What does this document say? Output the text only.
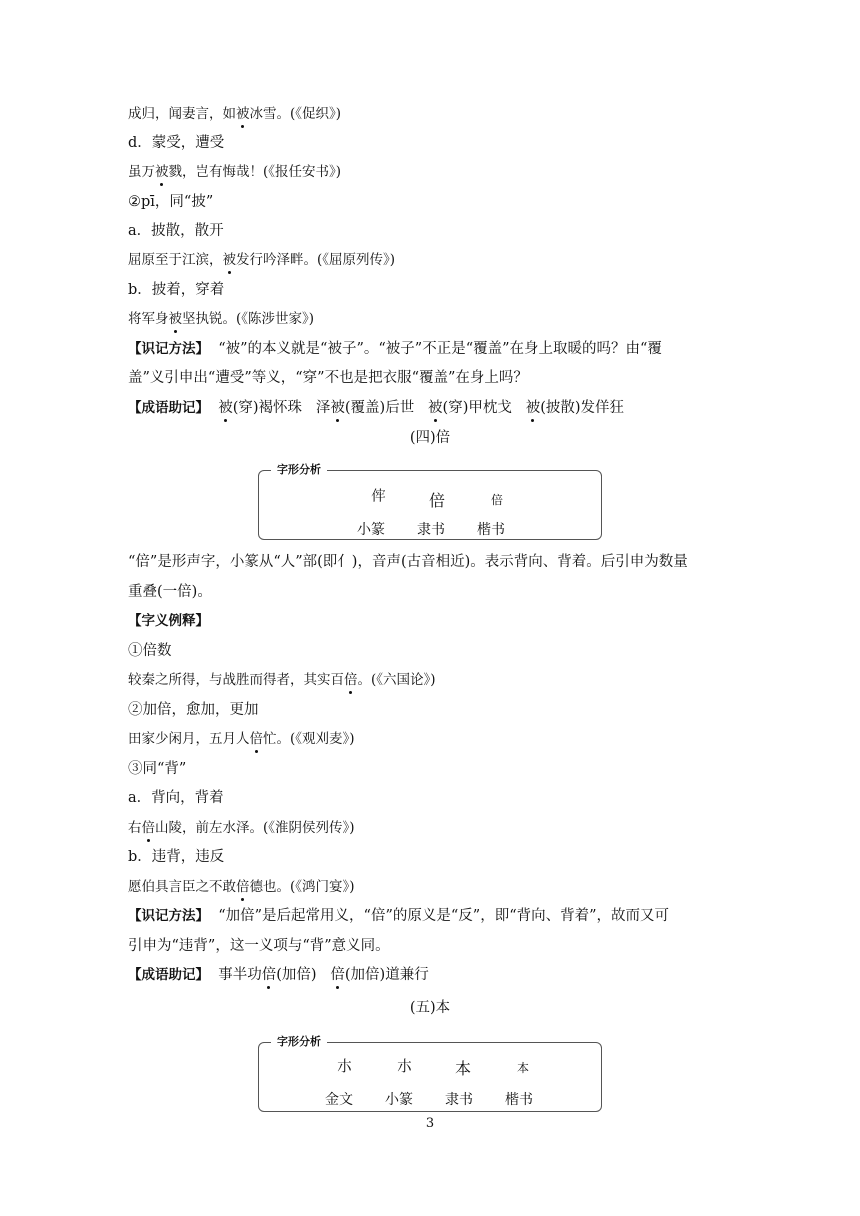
成归，闻妻言，如被冰雪。(《促织》)
d．蒙受，遭受
虽万被戮，岂有悔哉！(《报任安书》)
②pī，同“披”
a．披散，散开
屈原至于江滨，被发行吟泽畔。(《屈原列传》)
b．披着，穿着
将军身被坚执锐。(《陈涉世家》)
【识记方法】 “被”的本义就是“被子”。“被子”不正是“覆盖”在身上取暖的吗？由“覆
盖”义引申出“遭受”等义，“穿”不也是把衣服“覆盖”在身上吗？
【成语助记】 被(穿)褐怀珠 泽被(覆盖)后世 被(穿)甲枕戈 被(披散)发佯狂
(四)倍
字形分析
𠈭	倍	倍
小篆 隶书 楷书
“倍”是形声字，小篆从“人”部(即亻)，音声(古音相近)。表示背向、背着。后引申为数量
重叠(一倍)。
【字义例释】
①倍数
较秦之所得，与战胜而得者，其实百倍。(《六国论》)
②加倍，愈加，更加
田家少闲月，五月人倍忙。(《观刈麦》)
③同“背”
a．背向，背着
右倍山陵，前左水泽。(《淮阴侯列传》)
b．违背，违反
愿伯具言臣之不敢倍德也。(《鸿门宴》)
【识记方法】 “加倍”是后起常用义，“倍”的原义是“反”，即“背向、背着”，故而又可
引申为“违背”，这一义项与“背”意义同。
【成语助记】 事半功倍(加倍) 倍(加倍)道兼行
(五)本
字形分析
朩	朩	本	本
金文 小篆 隶书 楷书
3
